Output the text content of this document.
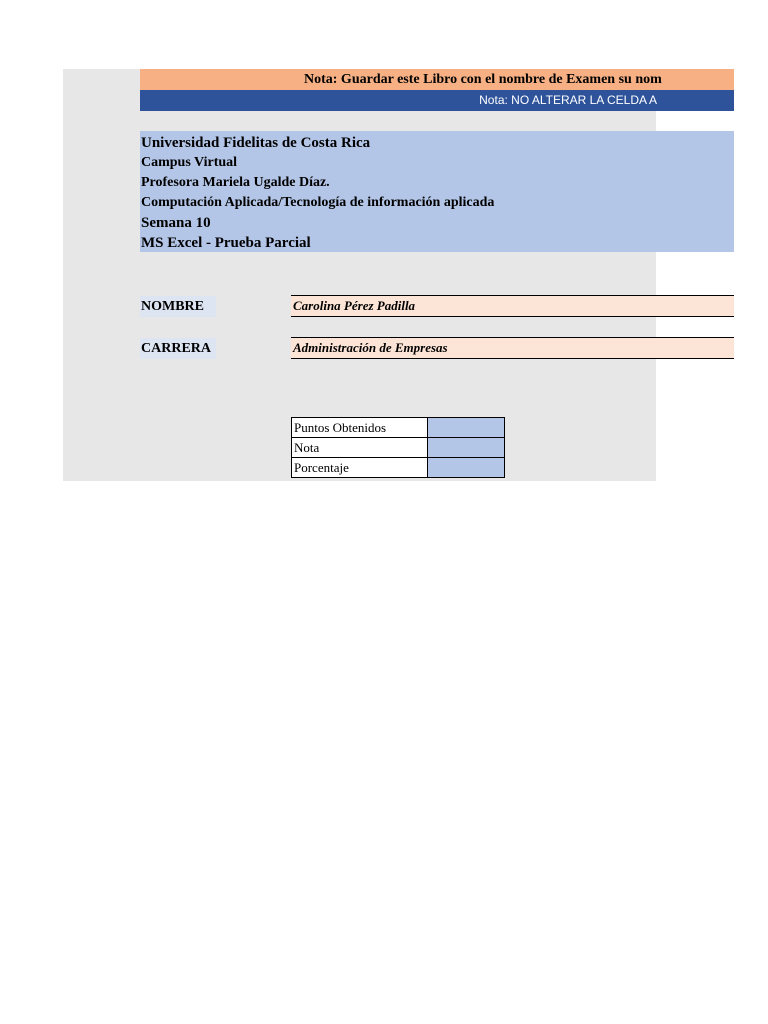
Nota: Guardar este Libro con el nombre de Examen su nom
Nota: NO ALTERAR LA CELDA A
Universidad Fidelitas de Costa Rica
Campus Virtual
Profesora Mariela Ugalde Díaz.
Computación Aplicada/Tecnología de información aplicada
Semana 10
MS Excel - Prueba Parcial
NOMBRE	Carolina Pérez Padilla
CARRERA	Administración de Empresas
Puntos Obtenidos	
Nota	
Porcentaje	
